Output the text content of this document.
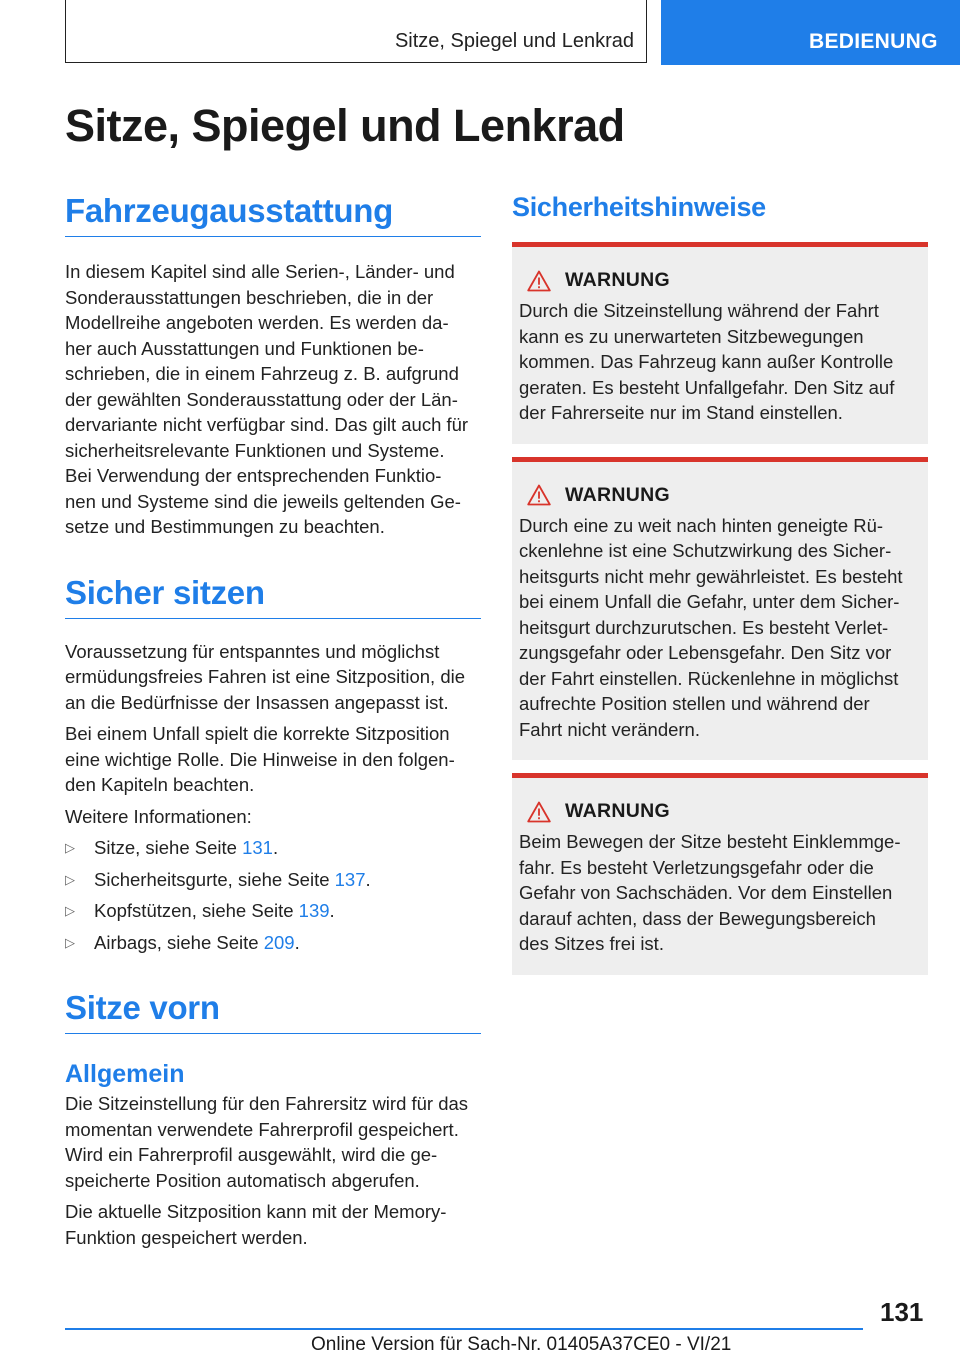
Sitze, Spiegel und Lenkrad	BEDIENUNG
Sitze, Spiegel und Lenkrad
Fahrzeugausstattung

In diesem Kapitel sind alle Serien-, Länder- und
Sonderausstattungen beschrieben, die in der
Modellreihe angeboten werden. Es werden da-
her auch Ausstattungen und Funktionen be-
schrieben, die in einem Fahrzeug z. B. aufgrund
der gewählten Sonderausstattung oder der Län-
dervariante nicht verfügbar sind. Das gilt auch für
sicherheitsrelevante Funktionen und Systeme.
Bei Verwendung der entsprechenden Funktio-
nen und Systeme sind die jeweils geltenden Ge-
setze und Bestimmungen zu beachten.

Sicher sitzen

Voraussetzung für entspanntes und möglichst
ermüdungsfreies Fahren ist eine Sitzposition, die
an die Bedürfnisse der Insassen angepasst ist.

Bei einem Unfall spielt die korrekte Sitzposition
eine wichtige Rolle. Die Hinweise in den folgen-
den Kapiteln beachten.

Weitere Informationen:

▷ Sitze, siehe Seite 131.
▷ Sicherheitsgurte, siehe Seite 137.
▷ Kopfstützen, siehe Seite 139.
▷ Airbags, siehe Seite 209.
Sitze vorn
Allgemein

Die Sitzeinstellung für den Fahrersitz wird für das
momentan verwendete Fahrerprofil gespeichert.
Wird ein Fahrerprofil ausgewählt, wird die ge-
speicherte Position automatisch abgerufen.

Die aktuelle Sitzposition kann mit der Memory-
Funktion gespeichert werden.

Sicherheitshinweise
WARNUNG

Durch die Sitzeinstellung während der Fahrt
kann es zu unerwarteten Sitzbewegungen
kommen. Das Fahrzeug kann außer Kontrolle
geraten. Es besteht Unfallgefahr. Den Sitz auf
der Fahrerseite nur im Stand einstellen.

WARNUNG

Durch eine zu weit nach hinten geneigte Rü-
ckenlehne ist eine Schutzwirkung des Sicher-
heitsgurts nicht mehr gewährleistet. Es besteht
bei einem Unfall die Gefahr, unter dem Sicher-
heitsgurt durchzurutschen. Es besteht Verlet-
zungsgefahr oder Lebensgefahr. Den Sitz vor
der Fahrt einstellen. Rückenlehne in möglichst
aufrechte Position stellen und während der
Fahrt nicht verändern.

WARNUNG

Beim Bewegen der Sitze besteht Einklemmge-
fahr. Es besteht Verletzungsgefahr oder die
Gefahr von Sachschäden. Vor dem Einstellen
darauf achten, dass der Bewegungsbereich
des Sitzes frei ist.

131
Online Version für Sach-Nr. 01405A37CE0 - VI/21
